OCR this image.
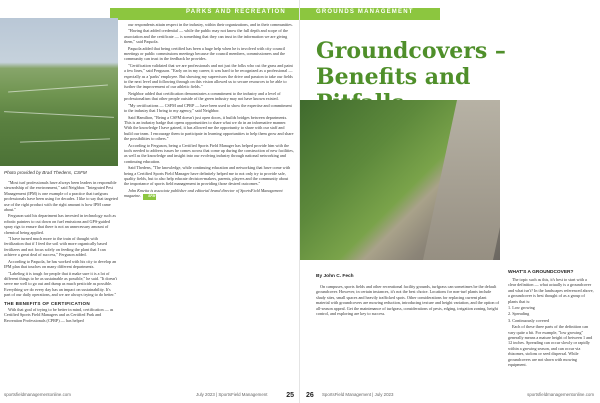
PARKS AND RECREATION
Photo provided by Brad Thedens, CSFM

"Most turf professionals have always been leaders in responsible stewardship of the environment," said Neighbor. "Integrated Pest Management (IPM) is one example of a practice that turfgrass professionals have been using for decades. I like to say that targeted use of the right product with the right amount is how IPM came about."

Ferguson said his department has invested in technology such as robotic painters to cut down on fuel emissions and GPS-guided spray rigs to ensure that there is not an unnecessary amount of chemical being applied.

"I have turned much more to the train of thought with fertilization that if I feed the soil with more organically based fertilizers and not focus solely on feeding the plant that I can achieve a great deal of success," Ferguson added.

According to Paquola, he has worked with his city to develop an IPM plan that touches on many different departments.

"Labeling it is tough for people that it make sure it is a lot of different things to be as sustainable as possible," he said. "It doesn't serve me well to go out and dump as much pesticide as possible. Everything we do every day has an impact on sustainability. It's part of our daily operations, and we are always trying to do better."

THE BENEFITS OF CERTIFICATION

With that goal of trying to be better in mind, certification — as Certified Sports Field Managers and as Certified Park and Recreation Professionals (CPRP) — has helped

our respondents attain respect in the industry, within their organizations, and in their communities.

"Having that added credential — while the public may not know the full depth and scope of the association and the certificate — is something that they can trust in the information we are giving them," said Paquola.

Paquola added that being certified has been a huge help when he is involved with city council meetings or public commissions meetings because the council members, commissioners and the community can trust in the feedback he provides.

"Certification validated that we are professionals and not just the folks who cut the grass and paint a few lines," said Ferguson. "Early on in my career, it was hard to be recognized as a professional — especially as a 'parks' employee. But showing my supervisors the drive and passion to take our fields to the next level and following through on this vision allowed us to secure resources to be able to further the improvement of our athletic fields."

Neighbor added that certification demonstrates a commitment to the industry and a level of professionalism that other people outside of the green industry may not have known existed.

"My certifications — CSFM and CPRP — have been used to show the expertise and commitment to the industry that I bring to my agency," said Neighbor.

Said Hamilton, "Being a CSFM doesn't just open doors, it builds bridges between departments. This is an industry badge that opens opportunities to share what we do in an informative manner. With the knowledge I have gained, it has allowed me the opportunity to share with our staff and build our team. I encourage them to participate in learning opportunities to help them grow and share the possibilities to others."

According to Ferguson, being a Certified Sports Field Manager has helped provide him with the tools needed to address issues he comes across that come up during the construction of new facilities, as well as the knowledge and insight into our evolving industry through national networking and continuing education.

Said Thedens, "The knowledge, while continuing education and networking that have come with being a Certified Sports Field Manager have definitely helped me to not only try to provide safe, quality fields, but to also help educate decision-makers, parents, players and the community about the importance of sports field management in providing those desired outcomes."

John Kmetta is associate publisher and editorial brand director of SportsField Management magazine. SFM

sportsfieldmanagementonline.com	July 2023 | SportsField Management	25
GROUNDS MANAGEMENT
Groundcovers – Benefits and
By John C. Fech

On campuses, sports fields and other recreational facility grounds, turfgrass can sometimes be the default groundcover. However, in certain instances, it's not the best choice. Locations for non-turf plants include shady sites, small spaces and heavily trafficked spots. Other considerations for replacing current plant material with groundcovers are mowing reduction, introducing texture and height variation, and the option of all-season appeal. Get the maintenance of turfgrass, considerations of pests, edging, irrigation zoning, height control, and exploring are key to success.

WHAT'S A GROUNDCOVER?

The topic such as this, it's best to start with a clear definition — what actually is a groundcover and what isn't? In the landscapes referenced above, a groundcover is best thought of as a group of plants that is:

1. Low growing

2. Spreading

3. Continuously covered

Each of these three parts of the definition can vary quite a bit. For example, "low growing" generally means a mature height of between 1 and 12 inches. Spreading can occur slowly or rapidly within a growing season, and can occur via rhizomes, stolons or seed dispersal. While groundcovers are not shorn with mowing equipment.

26 SportsField Management | July 2023	sportsfieldmanagementonline.com
